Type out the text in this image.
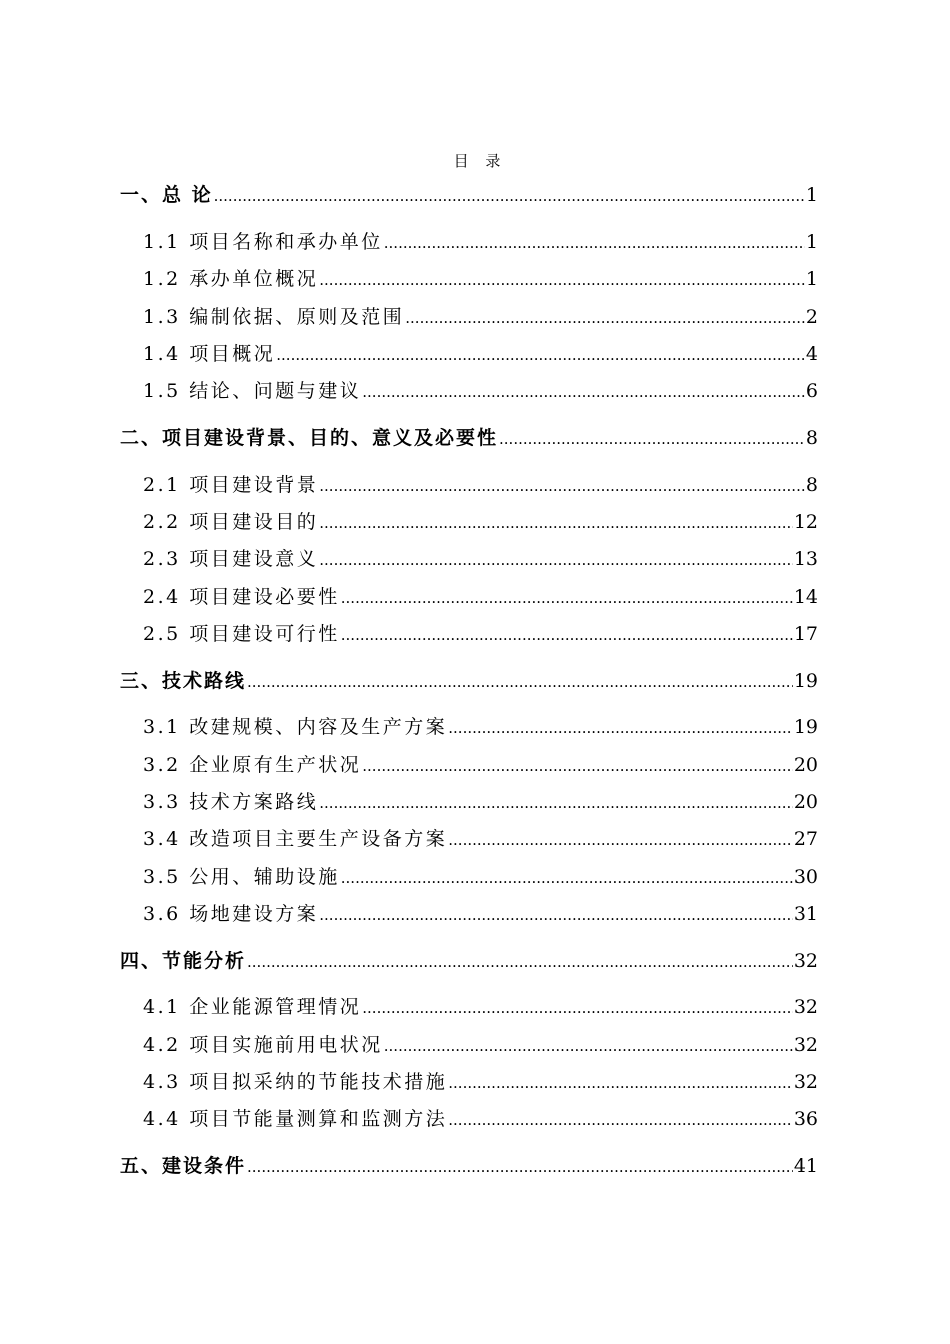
目 录
一、总 论 .....	1
1.1 项目名称和承办单位 .....	1
1.2 承办单位概况 .....	1
1.3 编制依据、原则及范围 .....	2
1.4 项目概况 .....	4
1.5 结论、问题与建议 .....	6
二、项目建设背景、目的、意义及必要性 .....	8
2.1 项目建设背景 .....	8
2.2 项目建设目的 .....	12
2.3 项目建设意义 .....	13
2.4 项目建设必要性 .....	14
2.5 项目建设可行性 .....	17
三、技术路线 .....	19
3.1 改建规模、内容及生产方案 .....	19
3.2 企业原有生产状况 .....	20
3.3 技术方案路线 .....	20
3.4 改造项目主要生产设备方案 .....	27
3.5 公用、辅助设施 .....	30
3.6 场地建设方案 .....	31
四、节能分析 .....	32
4.1 企业能源管理情况 .....	32
4.2 项目实施前用电状况 .....	32
4.3 项目拟采纳的节能技术措施 .....	32
4.4 项目节能量测算和监测方法 .....	36
五、建设条件 .....	41
